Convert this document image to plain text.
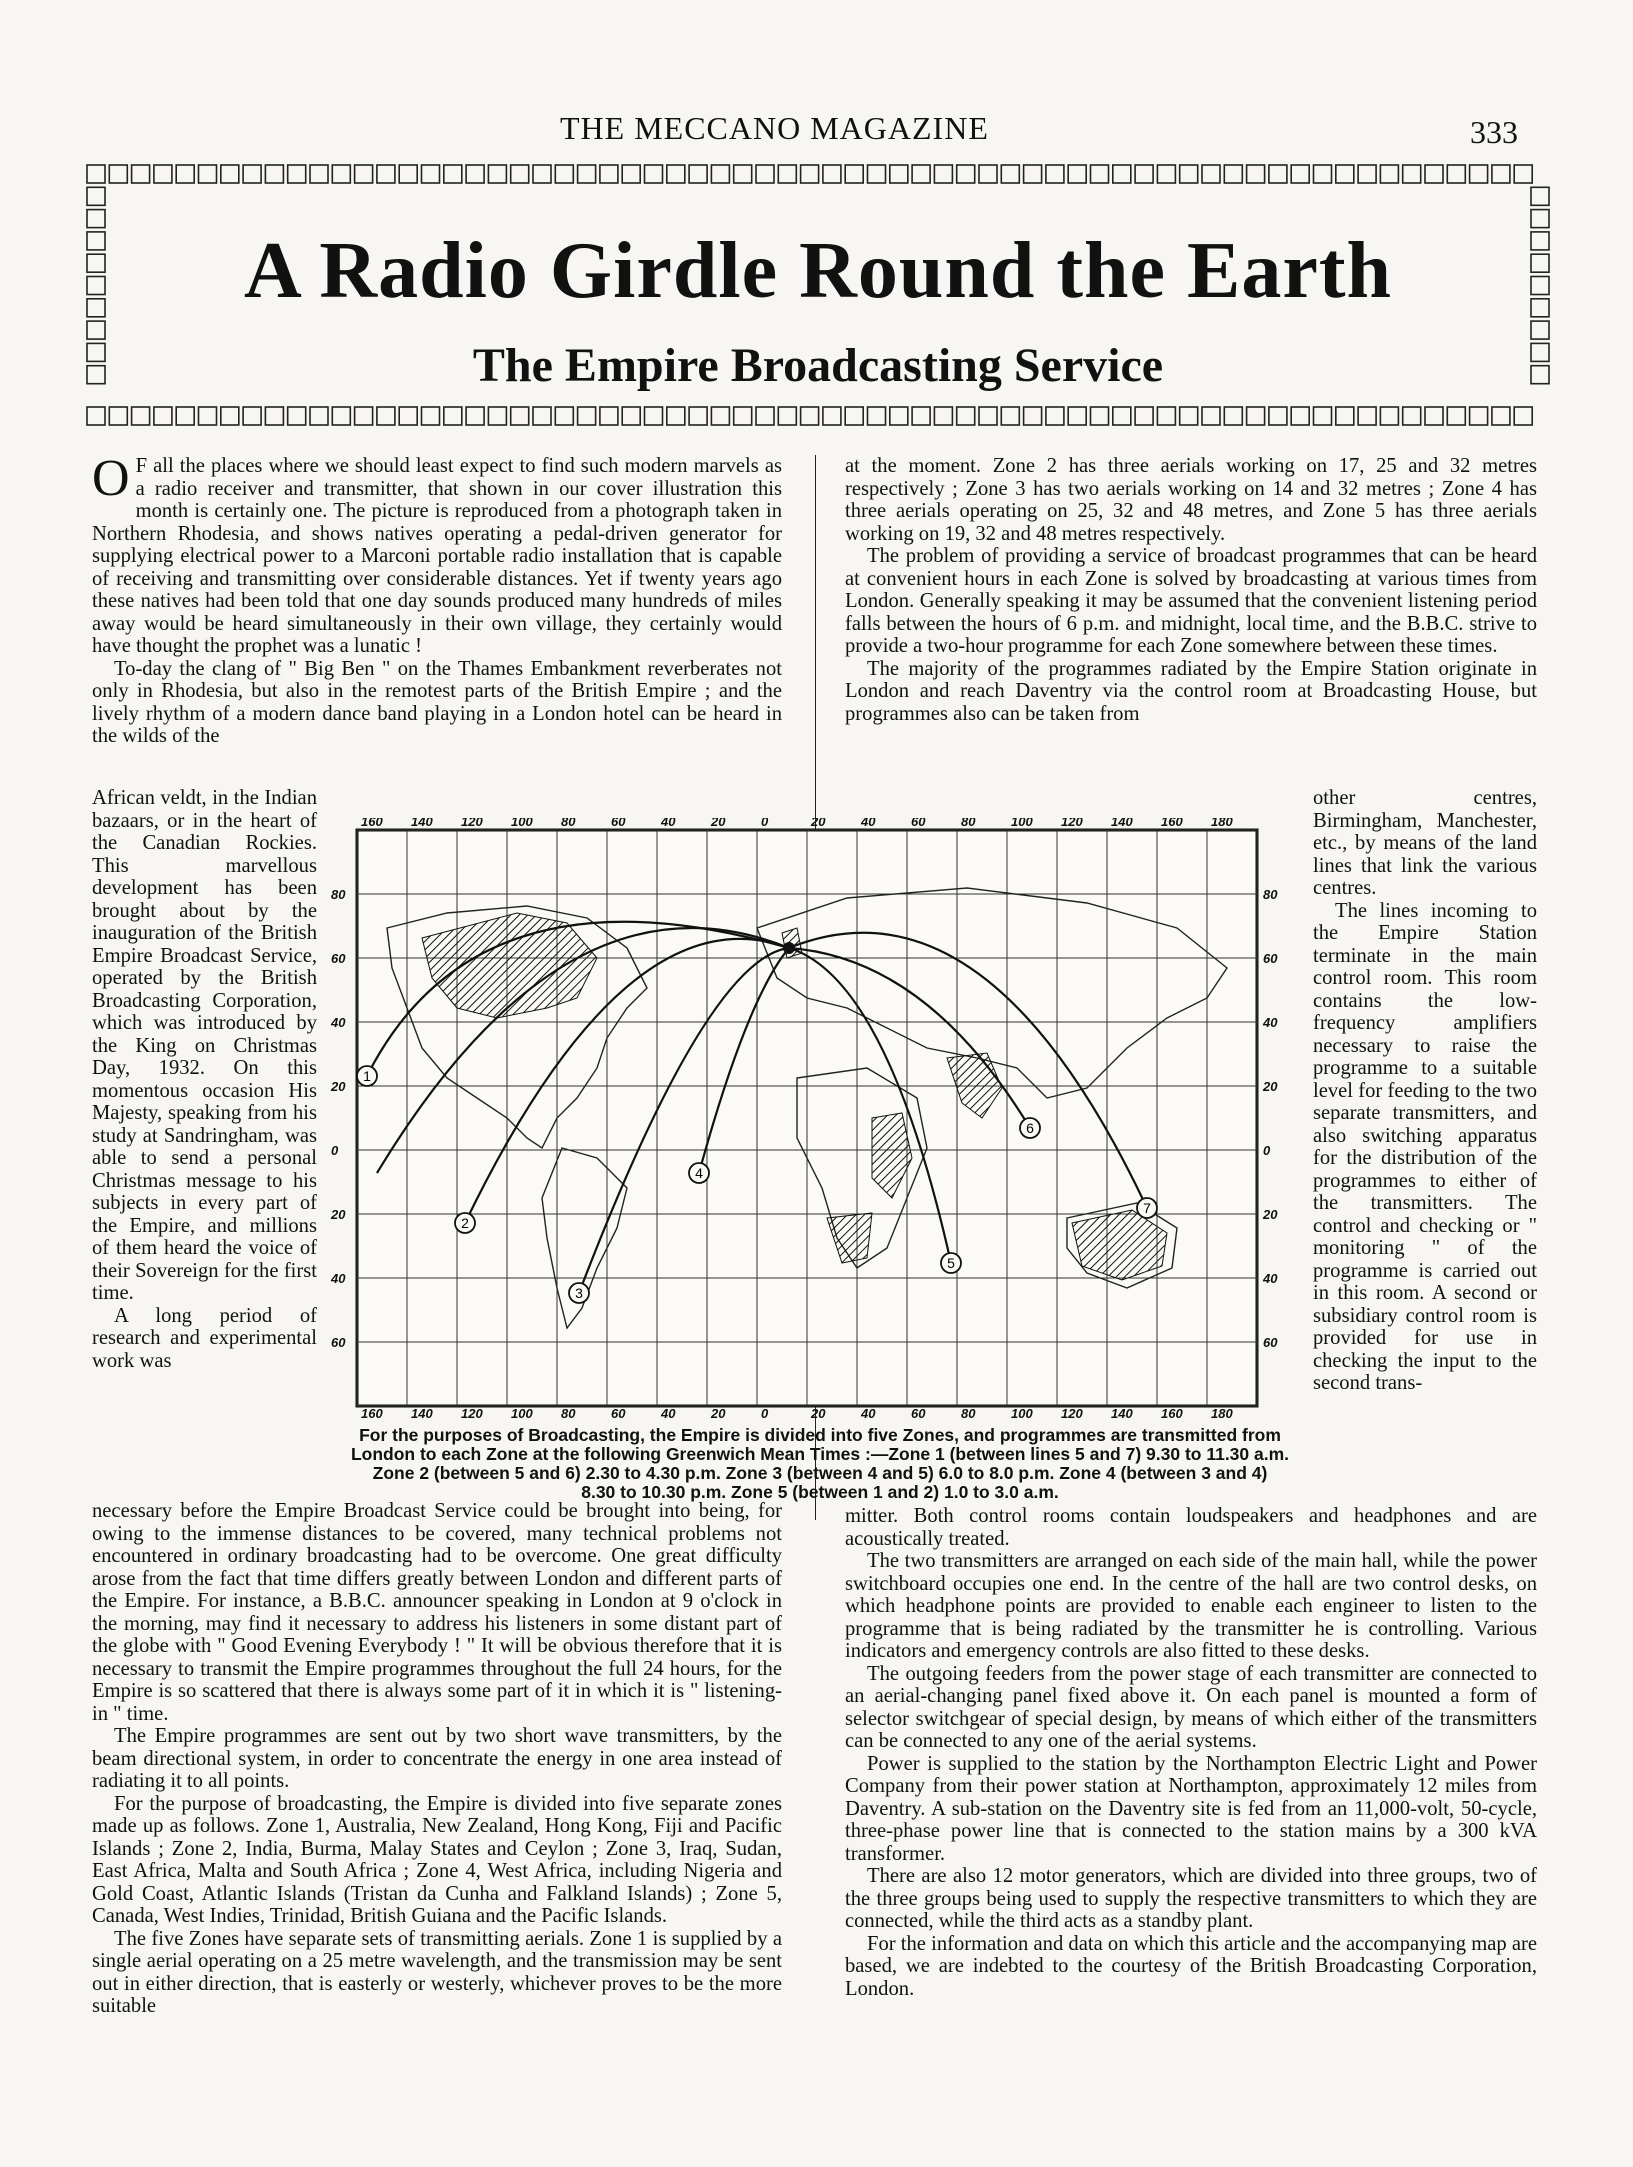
THE MECCANO MAGAZINE	333
A Radio Girdle Round the Earth
The Empire Broadcasting Service

O F all the places where we should least expect to find such modern marvels as a radio receiver and transmitter, that shown in our cover illustration this month is certainly one. The picture is reproduced from a photograph taken in Northern Rhodesia, and shows natives operating a pedal-driven generator for supplying electrical power to a Marconi portable radio installation that is capable of receiving and transmitting over considerable distances. Yet if twenty years ago these natives had been told that one day sounds produced many hundreds of miles away would be heard simultaneously in their own village, they certainly would have thought the prophet was a lunatic !

To-day the clang of " Big Ben " on the Thames Embankment reverberates not only in Rhodesia, but also in the remotest parts of the British Empire ; and the lively rhythm of a modern dance band playing in a London hotel can be heard in the wilds of the

African veldt, in the Indian bazaars, or in the heart of the Canadian Rockies. This marvellous development has been brought about by the inauguration of the British Empire Broadcast Service, operated by the British Broadcasting Corporation, which was introduced by the King on Christmas Day, 1932. On this momentous occasion His Majesty, speaking from his study at Sandringham, was able to send a personal Christmas message to his subjects in every part of the Empire, and millions of them heard the voice of their Sovereign for the first time.

A long period of research and experimental work was

necessary before the Empire Broadcast Service could be brought into being, for owing to the immense distances to be covered, many technical problems not encountered in ordinary broadcasting had to be overcome. One great difficulty arose from the fact that time differs greatly between London and different parts of the Empire. For instance, a B.B.C. announcer speaking in London at 9 o'clock in the morning, may find it necessary to address his listeners in some distant part of the globe with " Good Evening Everybody ! " It will be obvious therefore that it is necessary to transmit the Empire programmes throughout the full 24 hours, for the Empire is so scattered that there is always some part of it in which it is " listening-in " time.

The Empire programmes are sent out by two short wave transmitters, by the beam directional system, in order to concentrate the energy in one area instead of radiating it to all points.

For the purpose of broadcasting, the Empire is divided into five separate zones made up as follows. Zone 1, Australia, New Zealand, Hong Kong, Fiji and Pacific Islands ; Zone 2, India, Burma, Malay States and Ceylon ; Zone 3, Iraq, Sudan, East Africa, Malta and South Africa ; Zone 4, West Africa, including Nigeria and Gold Coast, Atlantic Islands (Tristan da Cunha and Falkland Islands) ; Zone 5, Canada, West Indies, Trinidad, British Guiana and the Pacific Islands.

The five Zones have separate sets of transmitting aerials. Zone 1 is supplied by a single aerial operating on a 25 metre wavelength, and the transmission may be sent out in either direction, that is easterly or westerly, whichever proves to be the more suitable

at the moment. Zone 2 has three aerials working on 17, 25 and 32 metres respectively ; Zone 3 has two aerials working on 14 and 32 metres ; Zone 4 has three aerials operating on 25, 32 and 48 metres, and Zone 5 has three aerials working on 19, 32 and 48 metres respectively.

The problem of providing a service of broadcast programmes that can be heard at convenient hours in each Zone is solved by broadcasting at various times from London. Generally speaking it may be assumed that the convenient listening period falls between the hours of 6 p.m. and midnight, local time, and the B.B.C. strive to provide a two-hour programme for each Zone somewhere between these times.

The majority of the programmes radiated by the Empire Station originate in London and reach Daventry via the control room at Broadcasting House, but programmes also can be taken from

other centres, Birmingham, Manchester, etc., by means of the land lines that link the various centres.

The lines incoming to the Empire Station terminate in the main control room. This room contains the low-frequency amplifiers necessary to raise the programme to a suitable level for feeding to the two separate transmitters, and also switching apparatus for the distribution of the programmes to either of the transmitters. The control and checking or " monitoring " of the programme is carried out in this room. A second or subsidiary control room is provided for use in checking the input to the second trans-

mitter. Both control rooms contain loudspeakers and headphones and are acoustically treated.

The two transmitters are arranged on each side of the main hall, while the power switchboard occupies one end. In the centre of the hall are two control desks, on which headphone points are provided to enable each engineer to listen to the programme that is being radiated by the transmitter he is controlling. Various indicators and emergency controls are also fitted to these desks.

The outgoing feeders from the power stage of each transmitter are connected to an aerial-changing panel fixed above it. On each panel is mounted a form of selector switchgear of special design, by means of which either of the transmitters can be connected to any one of the aerial systems.

Power is supplied to the station by the Northampton Electric Light and Power Company from their power station at Northampton, approximately 12 miles from Daventry. A sub-station on the Daventry site is fed from an 11,000-volt, 50-cycle, three-phase power line that is connected to the station mains by a 300 kVA transformer.

There are also 12 motor generators, which are divided into three groups, two of the three groups being used to supply the respective transmitters to which they are connected, while the third acts as a standby plant.

For the information and data on which this article and the accompanying map are based, we are indebted to the courtesy of the British Broadcasting Corporation, London.

1
2
3
4
5
6
7
160
160
140
140
120
120
100
100
80
80
60
60
40
40
20
20
0
0
20
20
40
40
60
60
80
80
100
100
120
120
140
140
160
160
180
180
80	80
60	60
40	40
20	20
0	0
20	20
40	40
60	60
For the purposes of Broadcasting, the Empire is divided into five Zones, and programmes are transmitted from
London to each Zone at the following Greenwich Mean Times :—Zone 1 (between lines 5 and 7) 9.30 to 11.30 a.m.
Zone 2 (between 5 and 6) 2.30 to 4.30 p.m. Zone 3 (between 4 and 5) 6.0 to 8.0 p.m. Zone 4 (between 3 and 4)
8.30 to 10.30 p.m. Zone 5 (between 1 and 2) 1.0 to 3.0 a.m.
